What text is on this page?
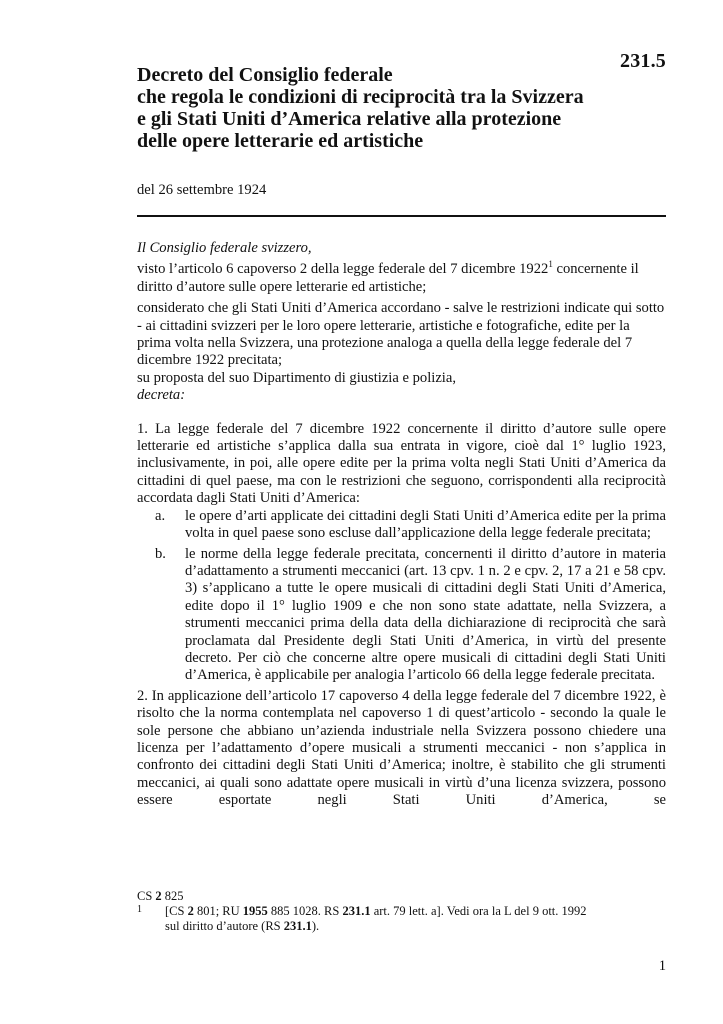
231.5
Decreto del Consiglio federale
che regola le condizioni di reciprocità tra la Svizzera
e gli Stati Uniti d’America relative alla protezione
delle opere letterarie ed artistiche
del 26 settembre 1924

Il Consiglio federale svizzero,

visto l’articolo 6 capoverso 2 della legge federale del 7 dicembre 1922$^1$ concernente il diritto d’autore sulle opere letterarie ed artistiche;

considerato che gli Stati Uniti d’America accordano - salve le restrizioni indicate qui sotto - ai cittadini svizzeri per le loro opere letterarie, artistiche e fotografiche, edite per la prima volta nella Svizzera, una protezione analoga a quella della legge federale del 7 dicembre 1922 precitata;

su proposta del suo Dipartimento di giustizia e polizia,

decreta:

1. La legge federale del 7 dicembre 1922 concernente il diritto d’autore sulle opere letterarie ed artistiche s’applica dalla sua entrata in vigore, cioè dal 1° luglio 1923, inclusivamente, in poi, alle opere edite per la prima volta negli Stati Uniti d’America da cittadini di quel paese, ma con le restrizioni che seguono, corrispondenti alla reciprocità accordata dagli Stati Uniti d’America:

a. le opere d’arti applicate dei cittadini degli Stati Uniti d’America edite per la prima volta in quel paese sono escluse dall’applicazione della legge federale precitata;
b. le norme della legge federale precitata, concernenti il diritto d’autore in materia d’adattamento a strumenti meccanici (art. 13 cpv. 1 n. 2 e cpv. 2, 17 a 21 e 58 cpv. 3) s’applicano a tutte le opere musicali di cittadini degli Stati Uniti d’America, edite dopo il 1° luglio 1909 e che non sono state adattate, nella Svizzera, a strumenti meccanici prima della data della dichiarazione di reciprocità che sarà proclamata dal Presidente degli Stati Uniti d’America, in virtù del presente decreto. Per ciò che concerne altre opere musicali di cittadini degli Stati Uniti d’America, è applicabile per analogia l’articolo 66 della legge federale precitata.

2. In applicazione dell’articolo 17 capoverso 4 della legge federale del 7 dicembre 1922, è risolto che la norma contemplata nel capoverso 1 di quest’articolo - secondo la quale le sole persone che abbiano un’azienda industriale nella Svizzera possono chiedere una licenza per l’adattamento d’opere musicali a strumenti meccanici - non s’applica in confronto dei cittadini degli Stati Uniti d’America; inoltre, è stabilito che gli strumenti meccanici, ai quali sono adattate opere musicali in virtù d’una licenza svizzera, possono essere esportate negli Stati Uniti d’America, se

CS 2 825
1 [CS 2 801; RU 1955 885 1028. RS 231.1 art. 79 lett. a]. Vedi ora la L del 9 ott. 1992
sul diritto d’autore (RS 231.1).
1
